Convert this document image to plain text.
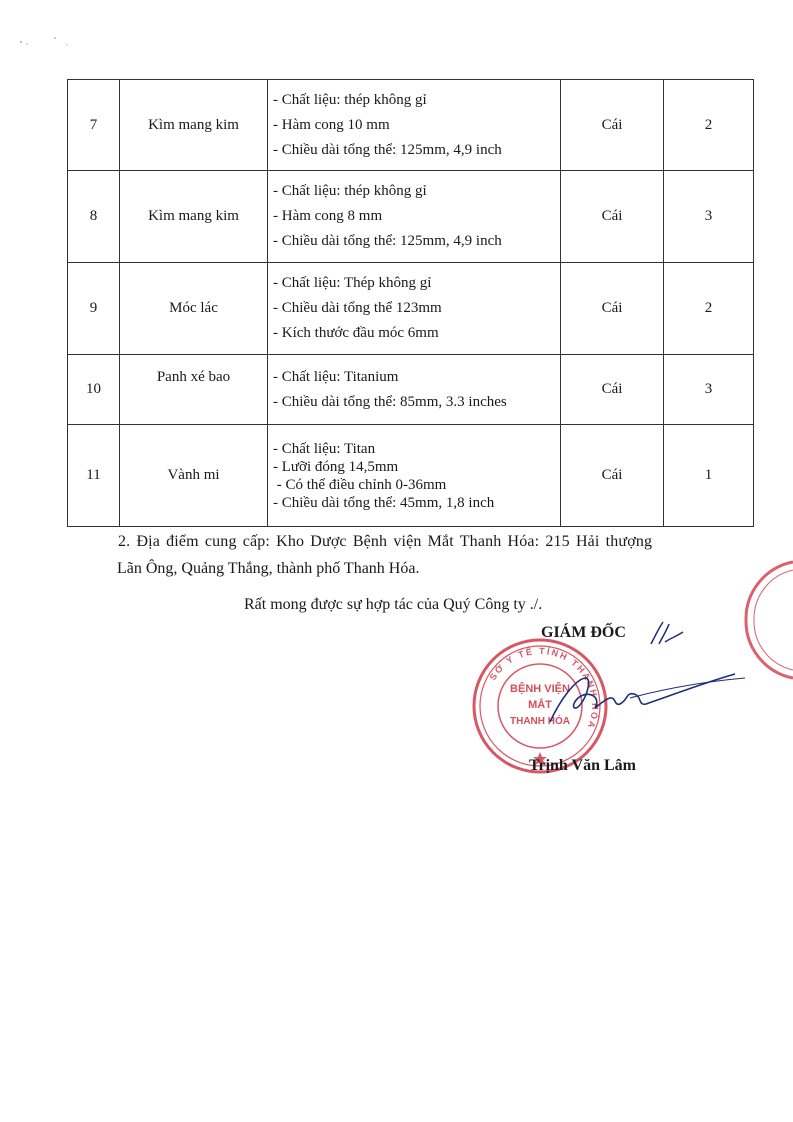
7	Kìm mang kim	- Chất liệu: thép không gỉ
- Hàm cong 10 mm
- Chiều dài tổng thể: 125mm, 4,9 inch	Cái	2
8	Kìm mang kim	- Chất liệu: thép không gỉ
- Hàm cong 8 mm
- Chiều dài tổng thể: 125mm, 4,9 inch	Cái	3
9	Móc lác	- Chất liệu: Thép không gỉ
- Chiều dài tổng thể 123mm
- Kích thước đầu móc 6mm	Cái	2
10	Panh xé bao	- Chất liệu: Titanium
- Chiều dài tổng thể: 85mm, 3.3 inches	Cái	3
11	Vành mi	- Chất liệu: Titan
- Lưỡi đóng 14,5mm
- Có thể điều chỉnh 0-36mm
- Chiều dài tổng thể: 45mm, 1,8 inch	Cái	1
2. Địa điểm cung cấp: Kho Dược Bệnh viện Mắt Thanh Hóa: 215 Hải thượng
Lãn Ông, Quảng Thắng, thành phố Thanh Hóa.
Rất mong được sự hợp tác của Quý Công ty ./.
SỞ Y TẾ TỈNH THANH HÓA
BỆNH VIỆN
MẮT
THANH HÓA
GIÁM ĐỐC
Trịnh Văn Lâm
